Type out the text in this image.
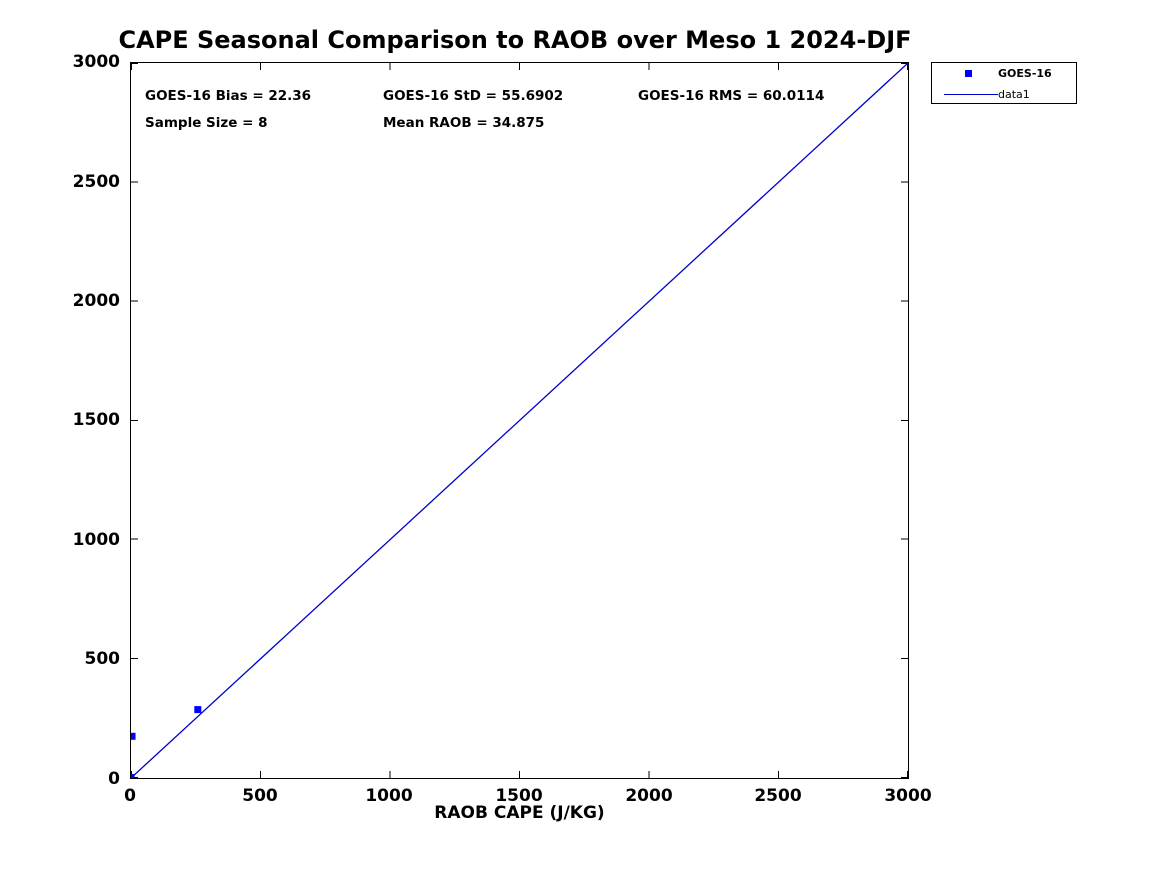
CAPE Seasonal Comparison to RAOB over Meso 1 2024-DJF
3000
2500
2000
1500
1000
500
0
0	500	1000	1500	2000	2500	3000
RAOB CAPE (J/KG)
GOES-16 Bias = 22.36	GOES-16 StD = 55.6902	GOES-16 RMS = 60.0114
Sample Size = 8	Mean RAOB = 34.875
GOES-16
data1
